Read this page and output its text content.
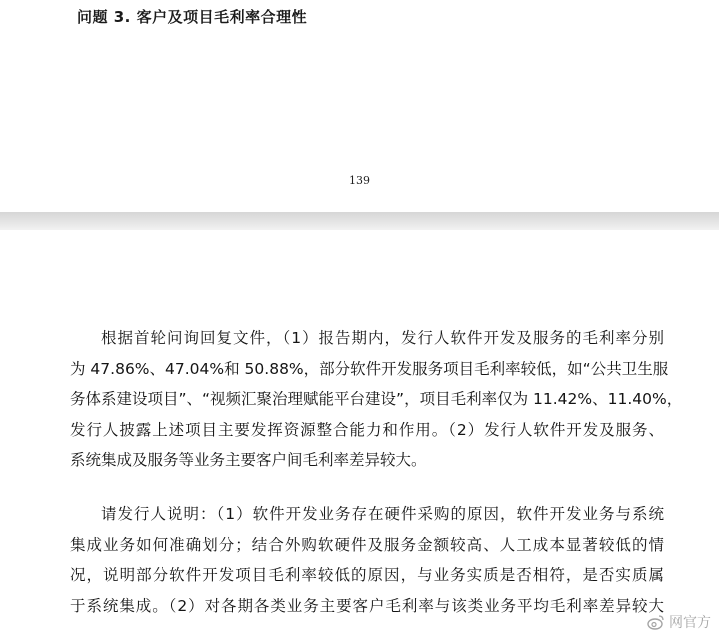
问题 3. 客户及项目毛利率合理性
139
根据首轮问询回复文件，（1）报告期内，发行人软件开发及服务的毛利率分别
为 47.86%、47.04%和 50.88%，部分软件开发服务项目毛利率较低，如“公共卫生服
务体系建设项目”、“视频汇聚治理赋能平台建设”，项目毛利率仅为 11.42%、11.40%，
发行人披露上述项目主要发挥资源整合能力和作用。（2）发行人软件开发及服务、
系统集成及服务等业务主要客户间毛利率差异较大。
请发行人说明：（1）软件开发业务存在硬件采购的原因，软件开发业务与系统
集成业务如何准确划分；结合外购软硬件及服务金额较高、人工成本显著较低的情
况，说明部分软件开发项目毛利率较低的原因，与业务实质是否相符，是否实质属
于系统集成。（2）对各期各类业务主要客户毛利率与该类业务平均毛利率差异较大
网官方
